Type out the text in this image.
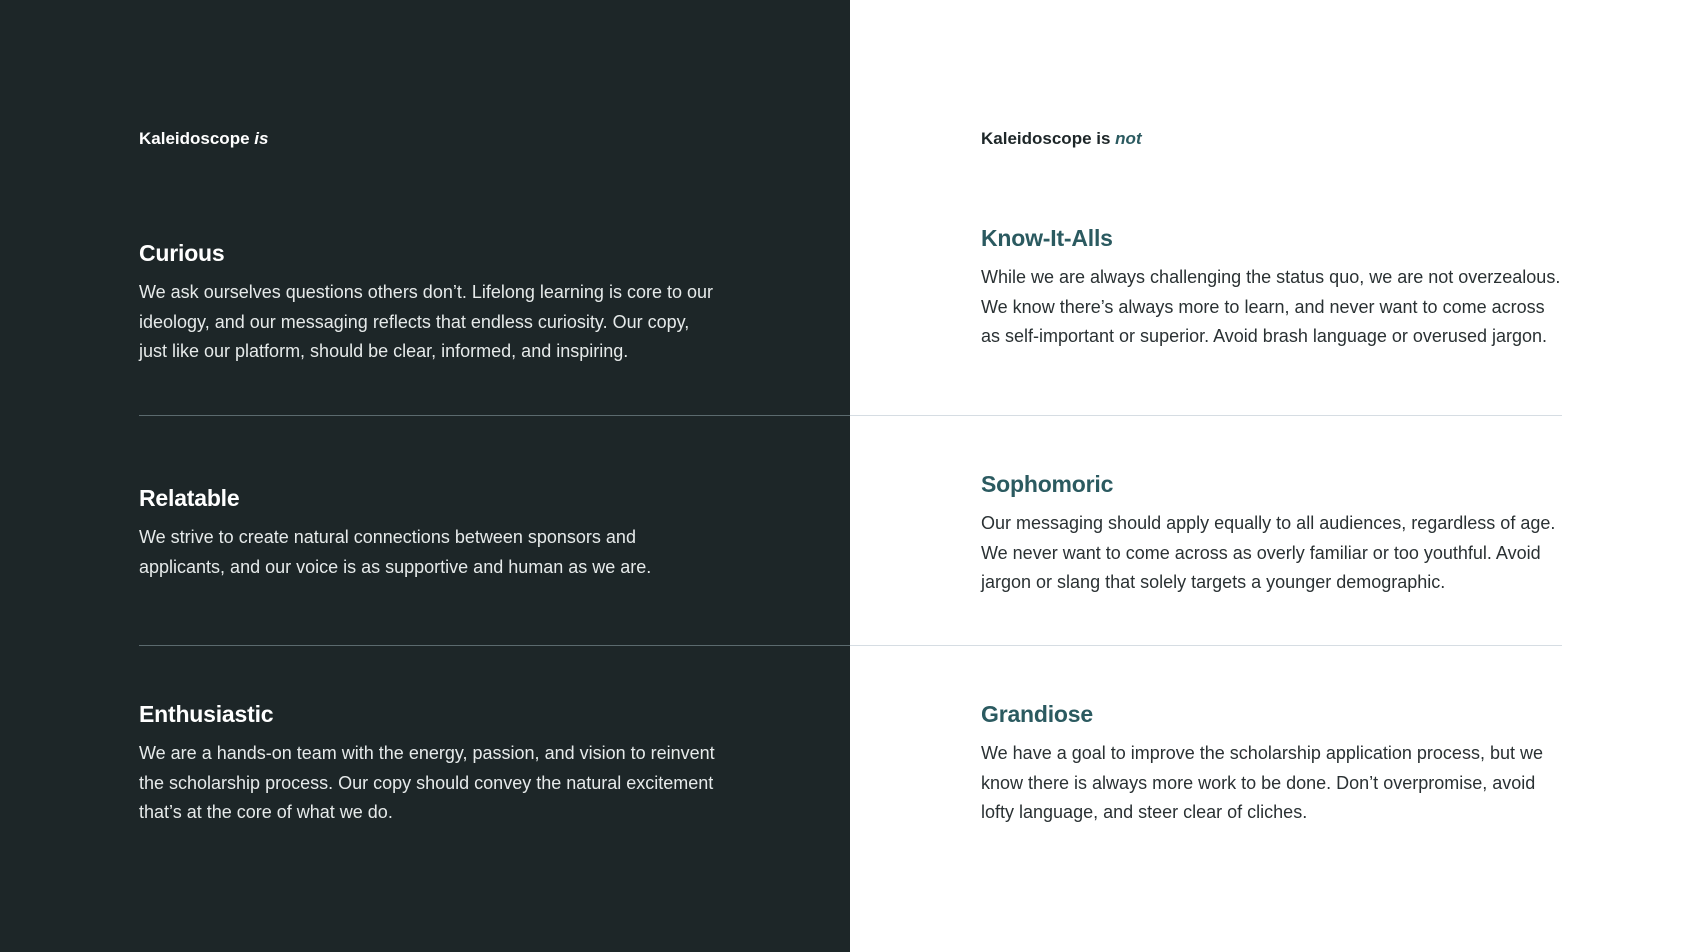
Kaleidoscope is	Kaleidoscope is not
Curious

We ask ourselves questions others don’t. Lifelong learning is core to our ideology, and our messaging reflects that endless curiosity. Our copy, just like our platform, should be clear, informed, and inspiring.

Relatable

We strive to create natural connections between sponsors and applicants, and our voice is as supportive and human as we are.

Enthusiastic

We are a hands-on team with the energy, passion, and vision to reinvent the scholarship process. Our copy should convey the natural excitement that’s at the core of what we do.

Know-It-Alls

While we are always challenging the status quo, we are not overzealous. We know there’s always more to learn, and never want to come across as self-important or superior. Avoid brash language or overused jargon.

Sophomoric

Our messaging should apply equally to all audiences, regardless of age. We never want to come across as overly familiar or too youthful. Avoid jargon or slang that solely targets a younger demographic.

Grandiose

We have a goal to improve the scholarship application process, but we know there is always more work to be done. Don’t overpromise, avoid lofty language, and steer clear of cliches.
